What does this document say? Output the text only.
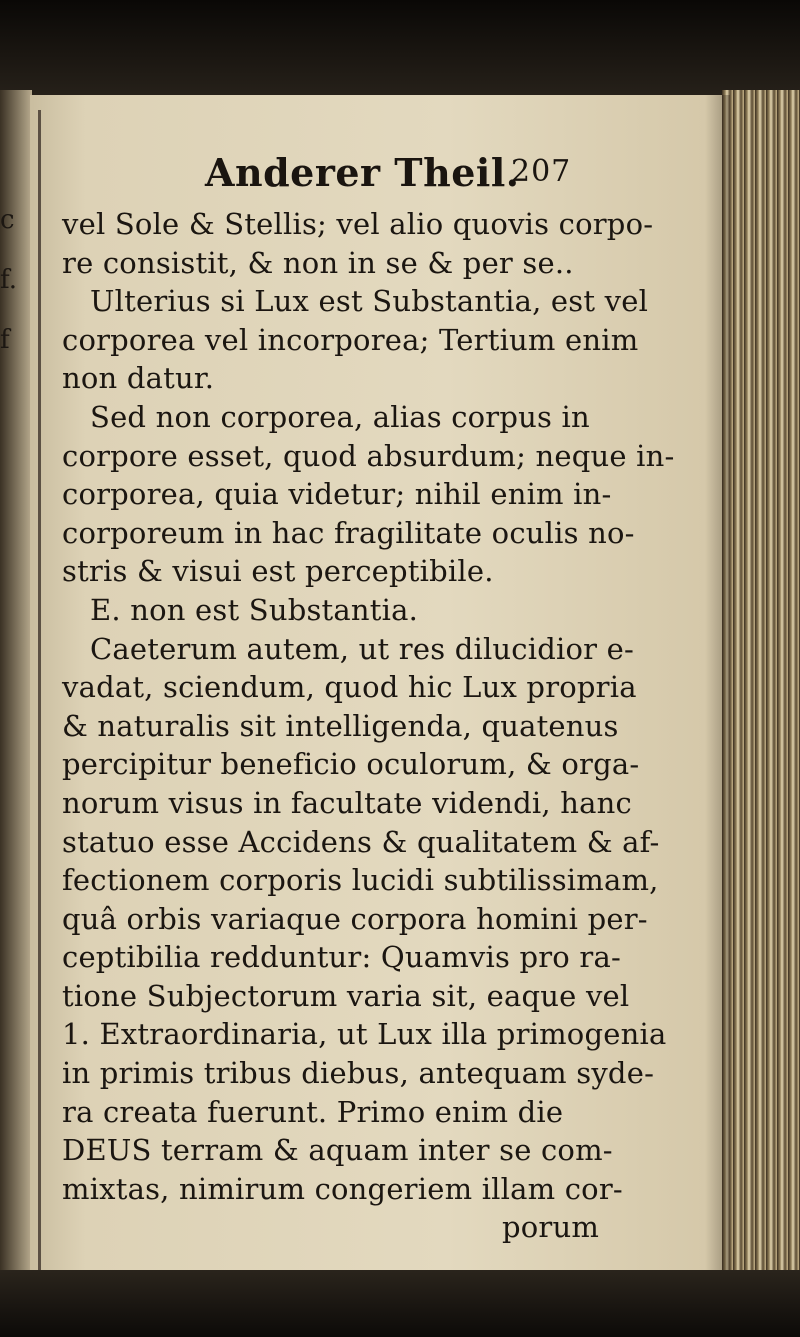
c
f.
f
Anderer Theil.
207
vel Sole & Stellis; vel alio quovis corpo-
re consistit, & non in se & per se..
Ulterius si Lux est Substantia, est vel
corporea vel incorporea; Tertium enim
non datur.
Sed non corporea, alias corpus in
corpore esset, quod absurdum; neque in-
corporea, quia videtur; nihil enim in-
corporeum in hac fragilitate oculis no-
stris & visui est perceptibile.
E. non est Substantia.
Caeterum autem, ut res dilucidior e-
vadat, sciendum, quod hic Lux propria
& naturalis sit intelligenda, quatenus
percipitur beneficio oculorum, & orga-
norum visus in facultate videndi, hanc
statuo esse Accidens & qualitatem & af-
fectionem corporis lucidi subtilissimam,
quâ orbis variaque corpora homini per-
ceptibilia redduntur: Quamvis pro ra-
tione Subjectorum varia sit, eaque vel
1. Extraordinaria, ut Lux illa primogenia
in primis tribus diebus, antequam syde-
ra creata fuerunt. Primo enim die
DEUS terram & aquam inter se com-
mixtas, nimirum congeriem illam cor-
porum
